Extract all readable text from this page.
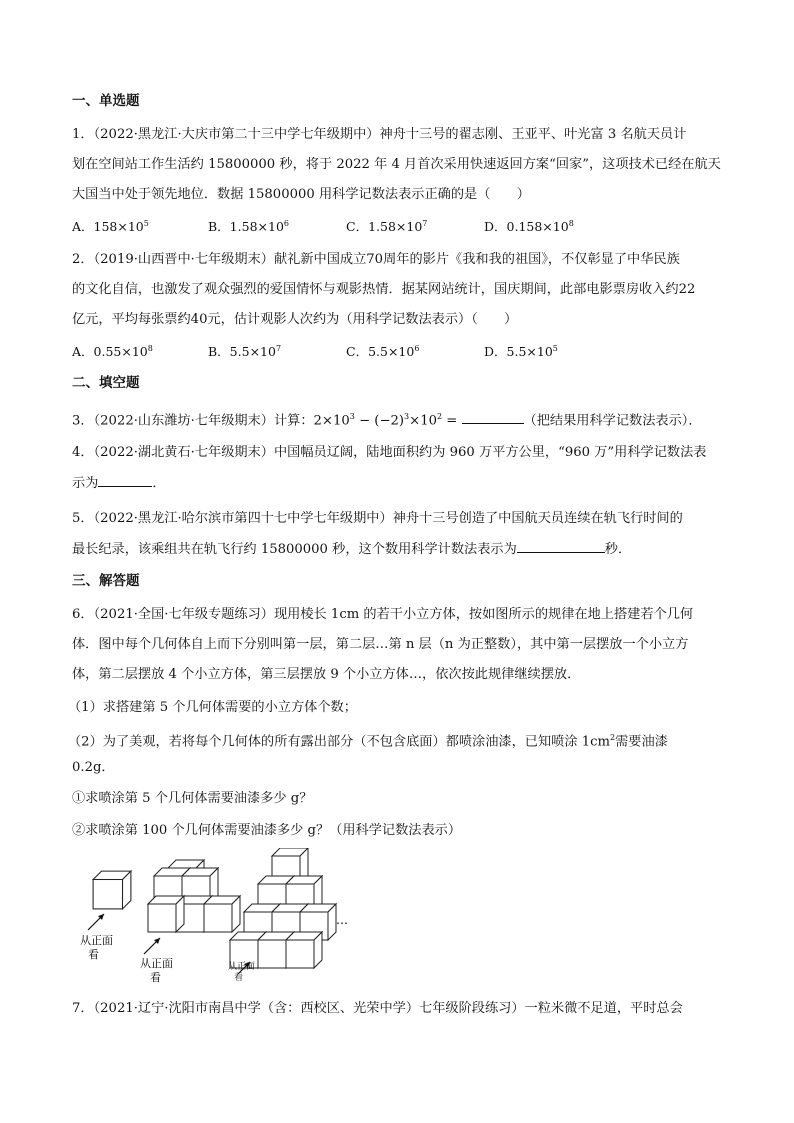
一、单选题
1．（2022·黑龙江·大庆市第二十三中学七年级期中）神舟十三号的翟志刚、王亚平、叶光富 3 名航天员计
划在空间站工作生活约 15800000 秒，将于 2022 年 4 月首次采用快速返回方案“回家”，这项技术已经在航天
大国当中处于领先地位．数据 15800000 用科学记数法表示正确的是（　　）
A．$158\times 10^5$	B．$1.58\times 10^6$	C．$1.58\times 10^7$	D．$0.158\times 10^8$
2．（2019·山西晋中·七年级期末）献礼新中国成立70周年的影片《我和我的祖国》，不仅彰显了中华民族
的文化自信，也激发了观众强烈的爱国情怀与观影热情．据某网站统计，国庆期间，此部电影票房收入约22
亿元，平均每张票约40元，估计观影人次约为（用科学记数法表示）（　　）
A．$0.55\times 10^8$	B．$5.5\times 10^7$	C．$5.5\times 10^6$	D．$5.5\times 10^5$
二、填空题
3．（2022·山东潍坊·七年级期末）计算：$2\times 10^3 - (-2)^3\times 10^2$ =	（把结果用科学记数法表示）．
4．（2022·湖北黄石·七年级期末）中国幅员辽阔，陆地面积约为 960 万平方公里，“960 万”用科学记数法表
示为	．
5．（2022·黑龙江·哈尔滨市第四十七中学七年级期中）神舟十三号创造了中国航天员连续在轨飞行时间的
最长纪录，该乘组共在轨飞行约 15800000 秒，这个数用科学计数法表示为	秒．
三、解答题
6．（2021·全国·七年级专题练习）现用棱长 1cm 的若干小立方体，按如图所示的规律在地上搭建若个几何
体．图中每个几何体自上而下分别叫第一层，第二层…第 n 层（n 为正整数），其中第一层摆放一个小立方
体，第二层摆放 4 个小立方体，第三层摆放 9 个小立方体…，依次按此规律继续摆放．
（1）求搭建第 5 个几何体需要的小立方体个数；
（2）为了美观，若将每个几何体的所有露出部分（不包含底面）都喷涂油漆，已知喷涂 $1cm^2$需要油漆
0.2g．
①求喷涂第 5 个几何体需要油漆多少 g？
②求喷涂第 100 个几何体需要油漆多少 g？（用科学记数法表示）
从正面
看
从正面
看
…
从正面
看
7．（2021·辽宁·沈阳市南昌中学（含：西校区、光荣中学）七年级阶段练习）一粒米微不足道，平时总会
